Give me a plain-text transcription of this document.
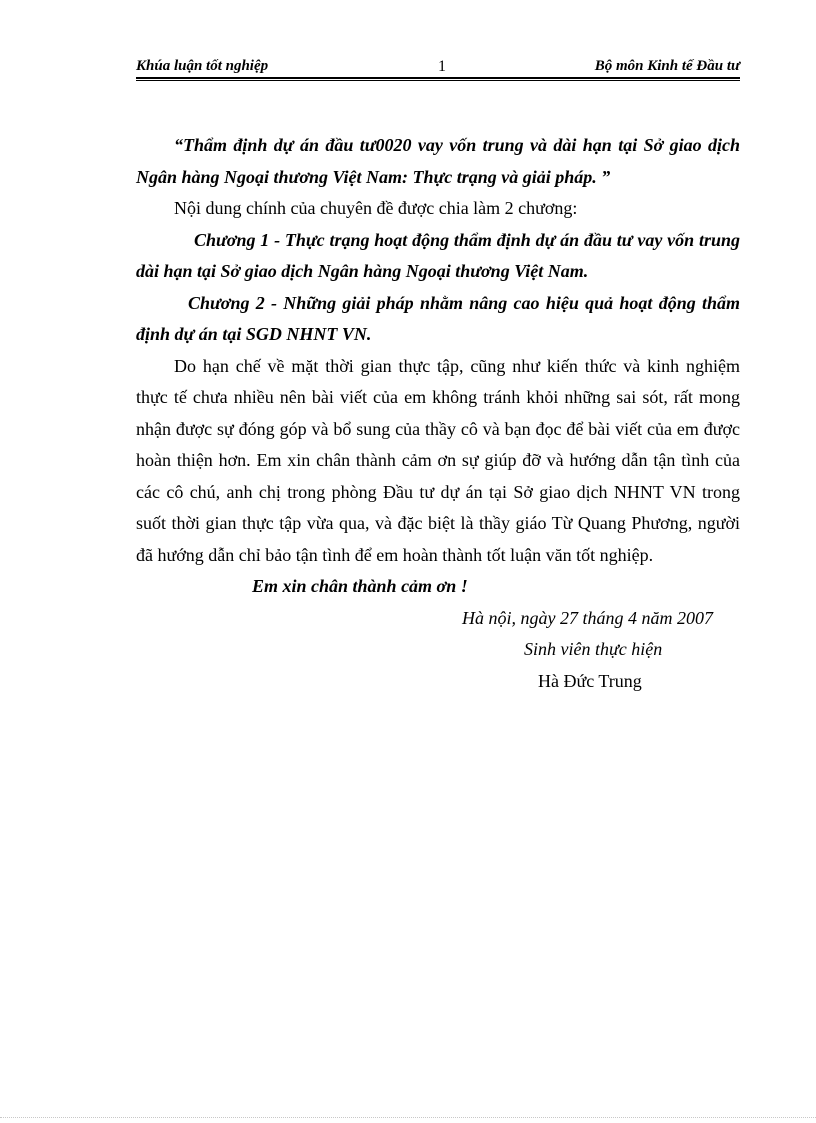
Khúa luận tốt nghiệp	1	Bộ môn Kinh tế Đầu tư

“Thẩm định dự án đầu tư0020 vay vốn trung và dài hạn tại Sở giao dịch Ngân hàng Ngoại thương Việt Nam: Thực trạng và giải pháp. ”

Nội dung chính của chuyên đề được chia làm 2 chương:

Chương 1 - Thực trạng hoạt động thẩm định dự án đầu tư vay vốn trung dài hạn tại Sở giao dịch Ngân hàng Ngoại thương Việt Nam.

Chương 2 - Những giải pháp nhằm nâng cao hiệu quả hoạt động thẩm định dự án tại SGD NHNT VN.

Do hạn chế về mặt thời gian thực tập, cũng như kiến thức và kinh nghiệm thực tế chưa nhiều nên bài viết của em không tránh khỏi những sai sót, rất mong nhận được sự đóng góp và bổ sung của thầy cô và bạn đọc để bài viết của em được hoàn thiện hơn. Em xin chân thành cảm ơn sự giúp đỡ và hướng dẫn tận tình của các cô chú, anh chị trong phòng Đầu tư dự án tại Sở giao dịch NHNT VN trong suốt thời gian thực tập vừa qua, và đặc biệt là thầy giáo Từ Quang Phương, người đã hướng dẫn chỉ bảo tận tình để em hoàn thành tốt luận văn tốt nghiệp.

Em xin chân thành cảm ơn !

Hà nội, ngày 27 tháng 4 năm 2007

Sinh viên thực hiện

Hà Đức Trung
